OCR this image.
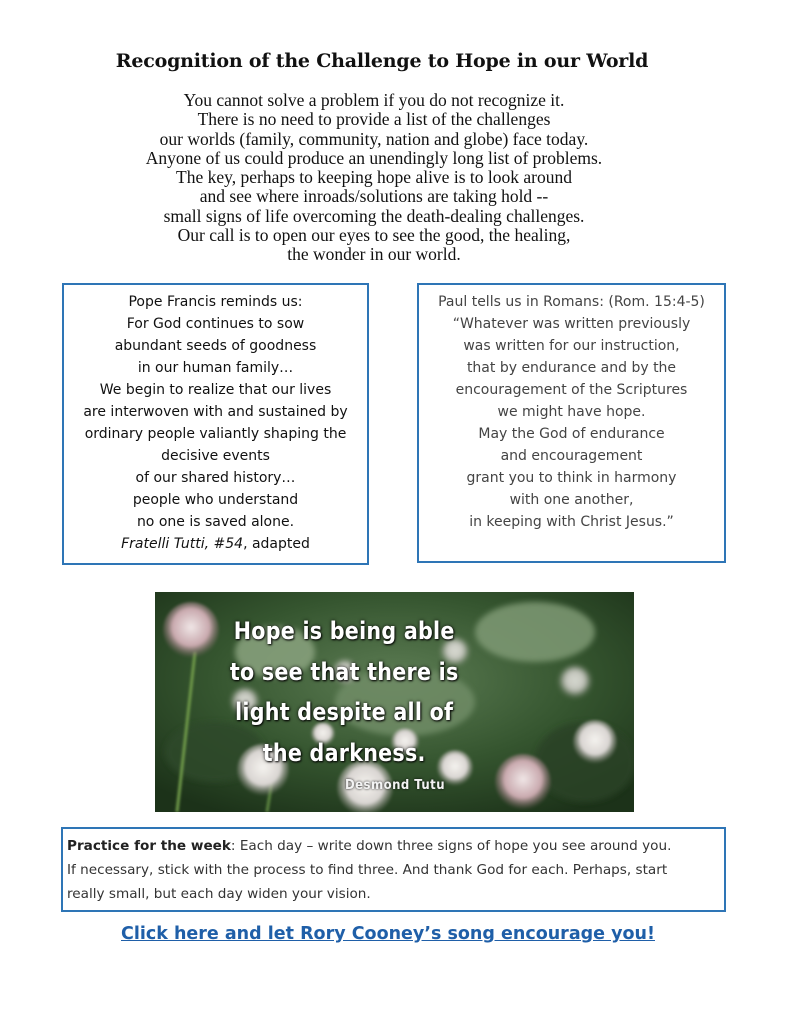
Recognition of the Challenge to Hope in our World
You cannot solve a problem if you do not recognize it.
There is no need to provide a list of the challenges
our worlds (family, community, nation and globe) face today.
Anyone of us could produce an unendingly long list of problems.
The key, perhaps to keeping hope alive is to look around
and see where inroads/solutions are taking hold --
small signs of life overcoming the death-dealing challenges.
Our call is to open our eyes to see the good, the healing,
the wonder in our world.
Pope Francis reminds us:
For God continues to sow
abundant seeds of goodness
in our human family…
We begin to realize that our lives
are interwoven with and sustained by
ordinary people valiantly shaping the
decisive events
of our shared history…
people who understand
no one is saved alone.
Fratelli Tutti, #54, adapted
Paul tells us in Romans: (Rom. 15:4-5)
“Whatever was written previously
was written for our instruction,
that by endurance and by the
encouragement of the Scriptures
we might have hope.
May the God of endurance
and encouragement
grant you to think in harmony
with one another,
in keeping with Christ Jesus.”
Hope is being able
to see that there is
light despite all of
the darkness.
Desmond Tutu
Practice for the week: Each day – write down three signs of hope you see around you.
If necessary, stick with the process to find three. And thank God for each. Perhaps, start
really small, but each day widen your vision.
Click here and let Rory Cooney’s song encourage you!
